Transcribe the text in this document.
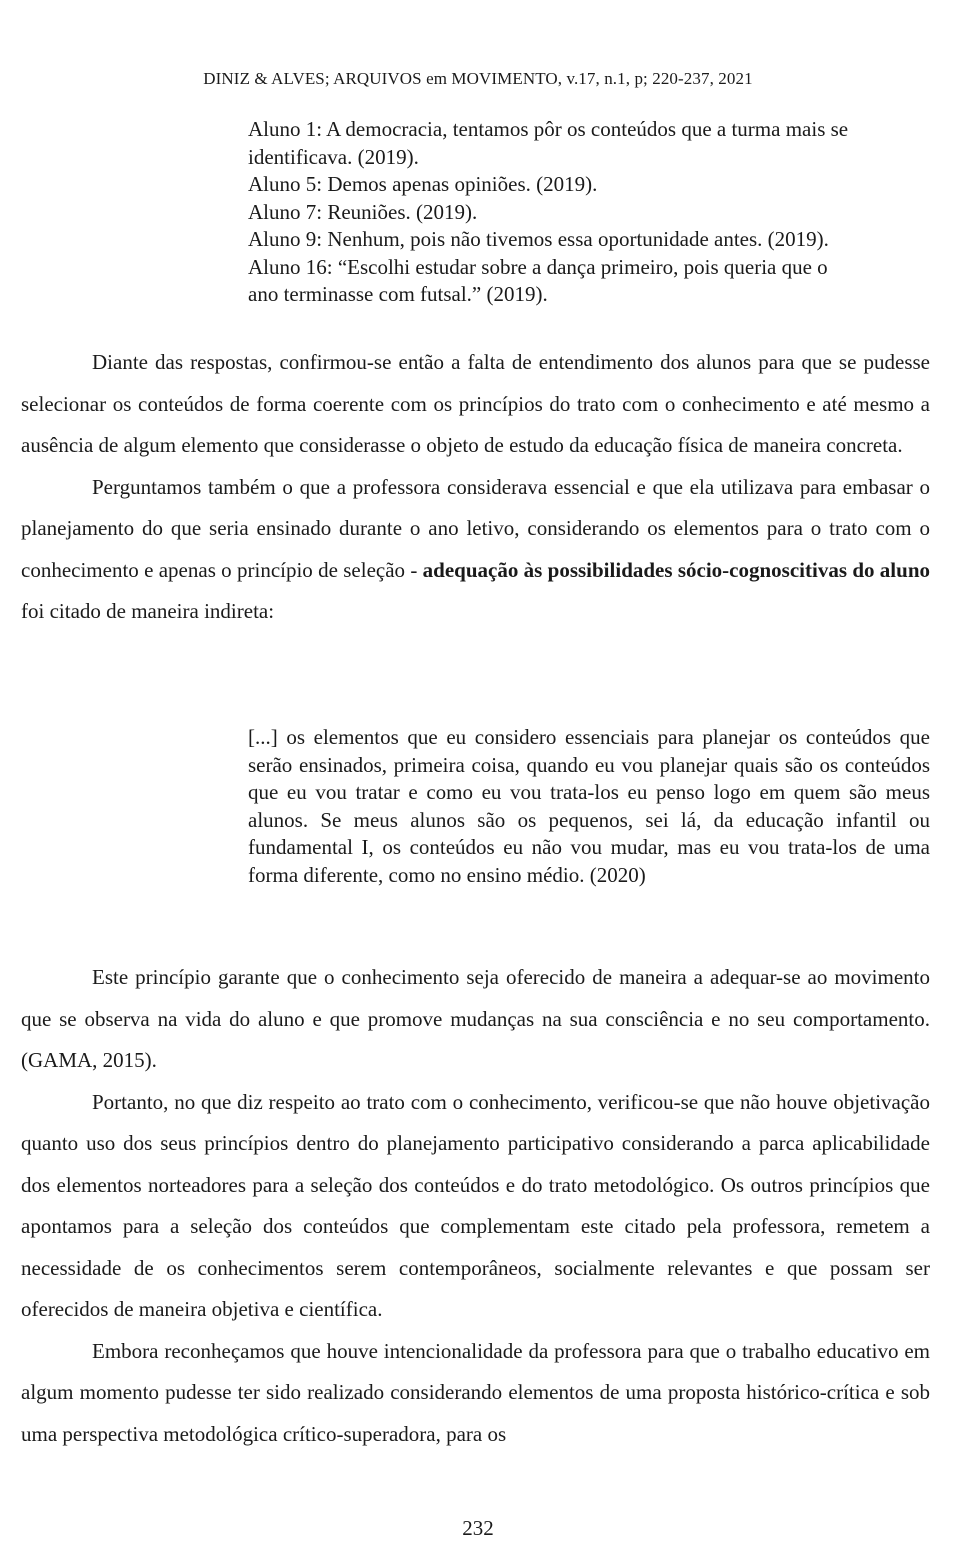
DINIZ & ALVES; ARQUIVOS em MOVIMENTO, v.17, n.1, p; 220-237, 2021
Aluno 1: A democracia, tentamos pôr os conteúdos que a turma mais se
identificava. (2019).
Aluno 5: Demos apenas opiniões. (2019).
Aluno 7: Reuniões. (2019).
Aluno 9: Nenhum, pois não tivemos essa oportunidade antes. (2019).
Aluno 16: “Escolhi estudar sobre a dança primeiro, pois queria que o
ano terminasse com futsal.” (2019).

Diante das respostas, confirmou-se então a falta de entendimento dos alunos para que se pudesse selecionar os conteúdos de forma coerente com os princípios do trato com o conhecimento e até mesmo a ausência de algum elemento que considerasse o objeto de estudo da educação física de maneira concreta.

Perguntamos também o que a professora considerava essencial e que ela utilizava para embasar o planejamento do que seria ensinado durante o ano letivo, considerando os elementos para o trato com o conhecimento e apenas o princípio de seleção - adequação às possibilidades sócio-cognoscitivas do aluno foi citado de maneira indireta:

[...] os elementos que eu considero essenciais para planejar os conteúdos que serão ensinados, primeira coisa, quando eu vou planejar quais são os conteúdos que eu vou tratar e como eu vou trata-los eu penso logo em quem são meus alunos. Se meus alunos são os pequenos, sei lá, da educação infantil ou fundamental I, os conteúdos eu não vou mudar, mas eu vou trata-los de uma forma diferente, como no ensino médio. (2020)

Este princípio garante que o conhecimento seja oferecido de maneira a adequar-se ao movimento que se observa na vida do aluno e que promove mudanças na sua consciência e no seu comportamento. (GAMA, 2015).

Portanto, no que diz respeito ao trato com o conhecimento, verificou-se que não houve objetivação quanto uso dos seus princípios dentro do planejamento participativo considerando a parca aplicabilidade dos elementos norteadores para a seleção dos conteúdos e do trato metodológico. Os outros princípios que apontamos para a seleção dos conteúdos que complementam este citado pela professora, remetem a necessidade de os conhecimentos serem contemporâneos, socialmente relevantes e que possam ser oferecidos de maneira objetiva e científica.

Embora reconheçamos que houve intencionalidade da professora para que o trabalho educativo em algum momento pudesse ter sido realizado considerando elementos de uma proposta histórico-crítica e sob uma perspectiva metodológica crítico-superadora, para os

232
